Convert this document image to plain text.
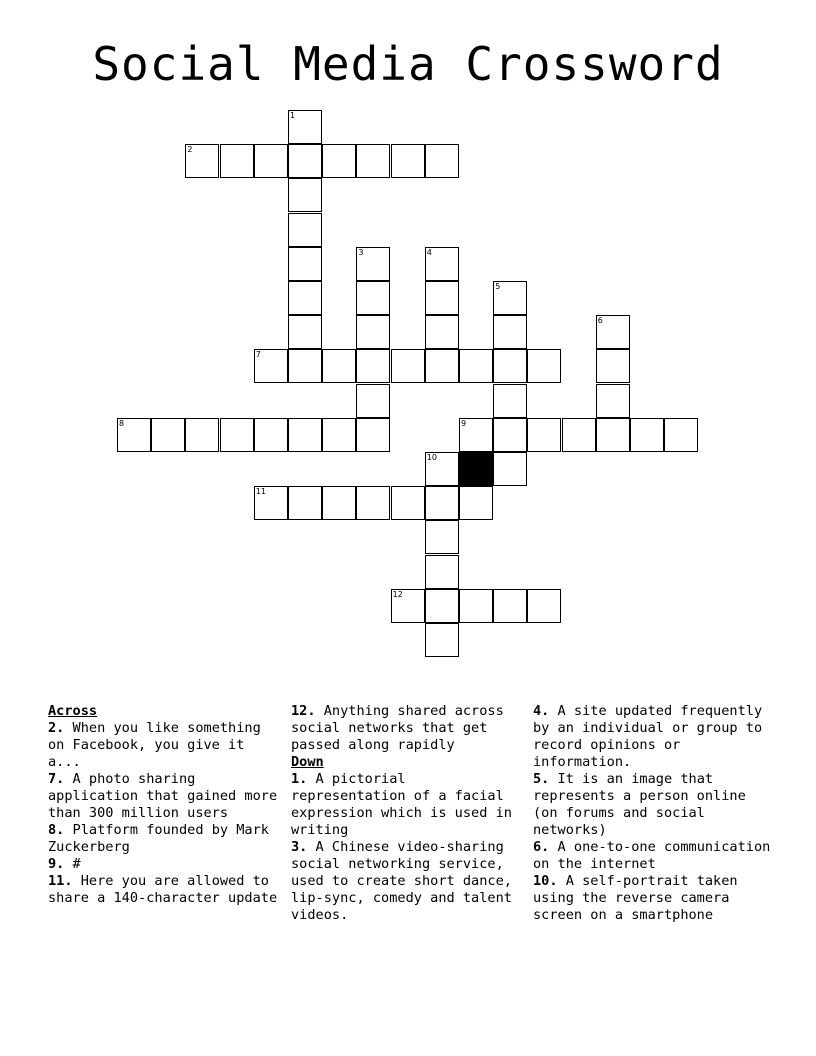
Social Media Crossword
1
2
3	4
5
6
7
8	9
10
11
12
Across
2. When you like something on Facebook, you give it a...
7. A photo sharing application that gained more than 300 million users
8. Platform founded by Mark Zuckerberg
9. #
11. Here you are allowed to share a 140-character update
12. Anything shared across social networks that get passed along rapidly
Down
1. A pictorial representation of a facial expression which is used in writing
3. A Chinese video-sharing social networking service, used to create short dance, lip-sync, comedy and talent videos.
4. A site updated frequently by an individual or group to record opinions or information.
5. It is an image that represents a person online (on forums and social networks)
6. A one-to-one communication on the internet
10. A self-portrait taken using the reverse camera screen on a smartphone
